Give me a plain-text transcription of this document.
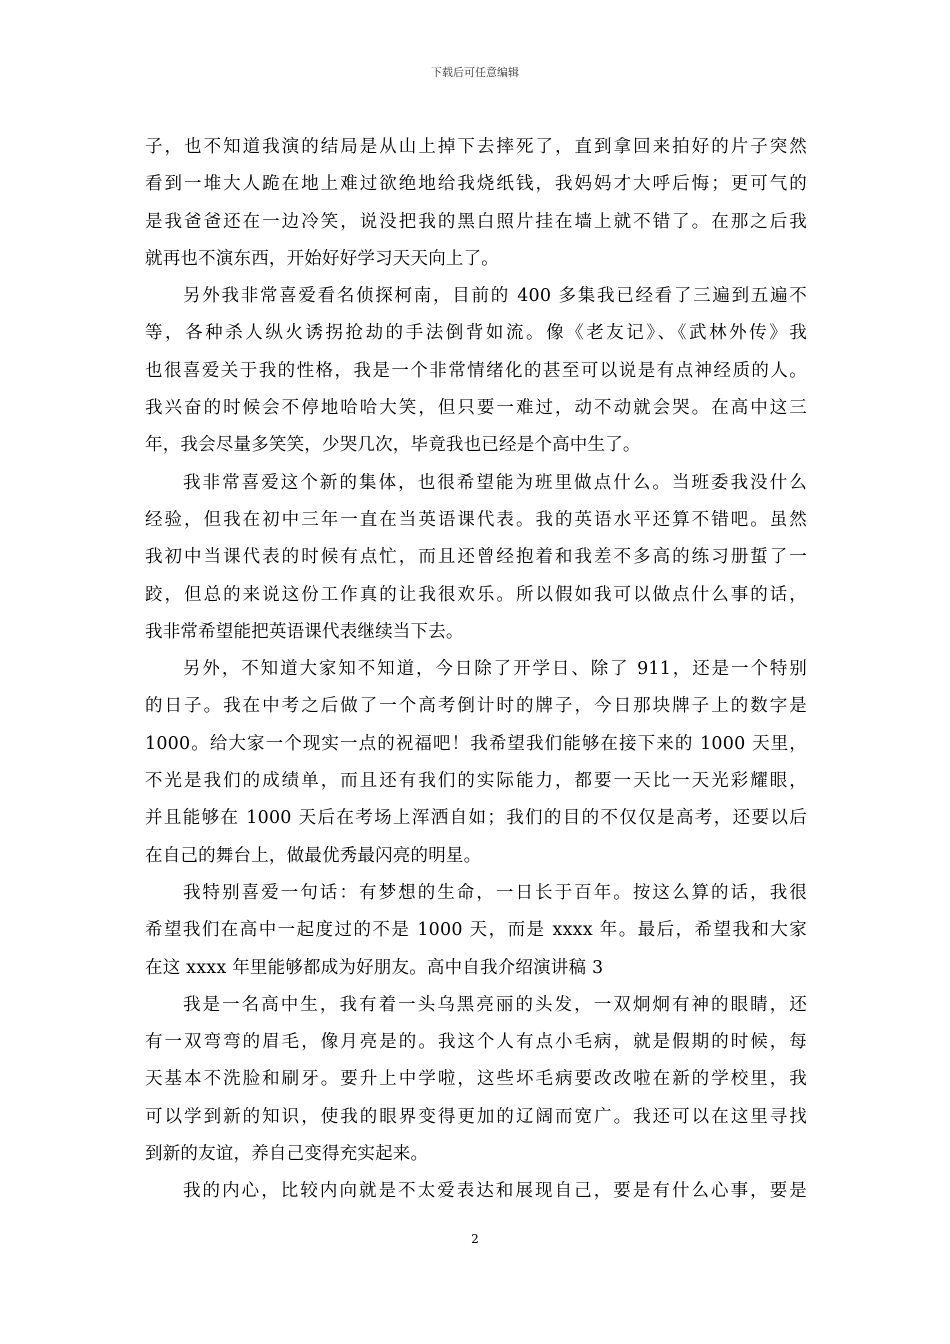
下载后可任意编辑
子，也不知道我演的结局是从山上掉下去摔死了，直到拿回来拍好的片子突然
看到一堆大人跪在地上难过欲绝地给我烧纸钱，我妈妈才大呼后悔；更可气的
是我爸爸还在一边冷笑，说没把我的黑白照片挂在墙上就不错了。在那之后我
就再也不演东西，开始好好学习天天向上了。
另外我非常喜爱看名侦探柯南，目前的 400 多集我已经看了三遍到五遍不
等，各种杀人纵火诱拐抢劫的手法倒背如流。像《老友记》、《武林外传》我
也很喜爱关于我的性格，我是一个非常情绪化的甚至可以说是有点神经质的人。
我兴奋的时候会不停地哈哈大笑，但只要一难过，动不动就会哭。在高中这三
年，我会尽量多笑笑，少哭几次，毕竟我也已经是个高中生了。
我非常喜爱这个新的集体，也很希望能为班里做点什么。当班委我没什么
经验，但我在初中三年一直在当英语课代表。我的英语水平还算不错吧。虽然
我初中当课代表的时候有点忙，而且还曾经抱着和我差不多高的练习册蜇了一
跤，但总的来说这份工作真的让我很欢乐。所以假如我可以做点什么事的话，
我非常希望能把英语课代表继续当下去。
另外，不知道大家知不知道，今日除了开学日、除了 911，还是一个特别
的日子。我在中考之后做了一个高考倒计时的牌子，今日那块牌子上的数字是
1000。给大家一个现实一点的祝福吧！我希望我们能够在接下来的 1000 天里，
不光是我们的成绩单，而且还有我们的实际能力，都要一天比一天光彩耀眼，
并且能够在 1000 天后在考场上浑洒自如；我们的目的不仅仅是高考，还要以后
在自己的舞台上，做最优秀最闪亮的明星。
我特别喜爱一句话：有梦想的生命，一日长于百年。按这么算的话，我很
希望我们在高中一起度过的不是 1000 天，而是 xxxx 年。最后，希望我和大家
在这 xxxx 年里能够都成为好朋友。高中自我介绍演讲稿 3
我是一名高中生，我有着一头乌黑亮丽的头发，一双炯炯有神的眼睛，还
有一双弯弯的眉毛，像月亮是的。我这个人有点小毛病，就是假期的时候，每
天基本不洗脸和刷牙。要升上中学啦，这些坏毛病要改改啦在新的学校里，我
可以学到新的知识，使我的眼界变得更加的辽阔而宽广。我还可以在这里寻找
到新的友谊，养自己变得充实起来。
我的内心，比较内向就是不太爱表达和展现自己，要是有什么心事，要是
2
